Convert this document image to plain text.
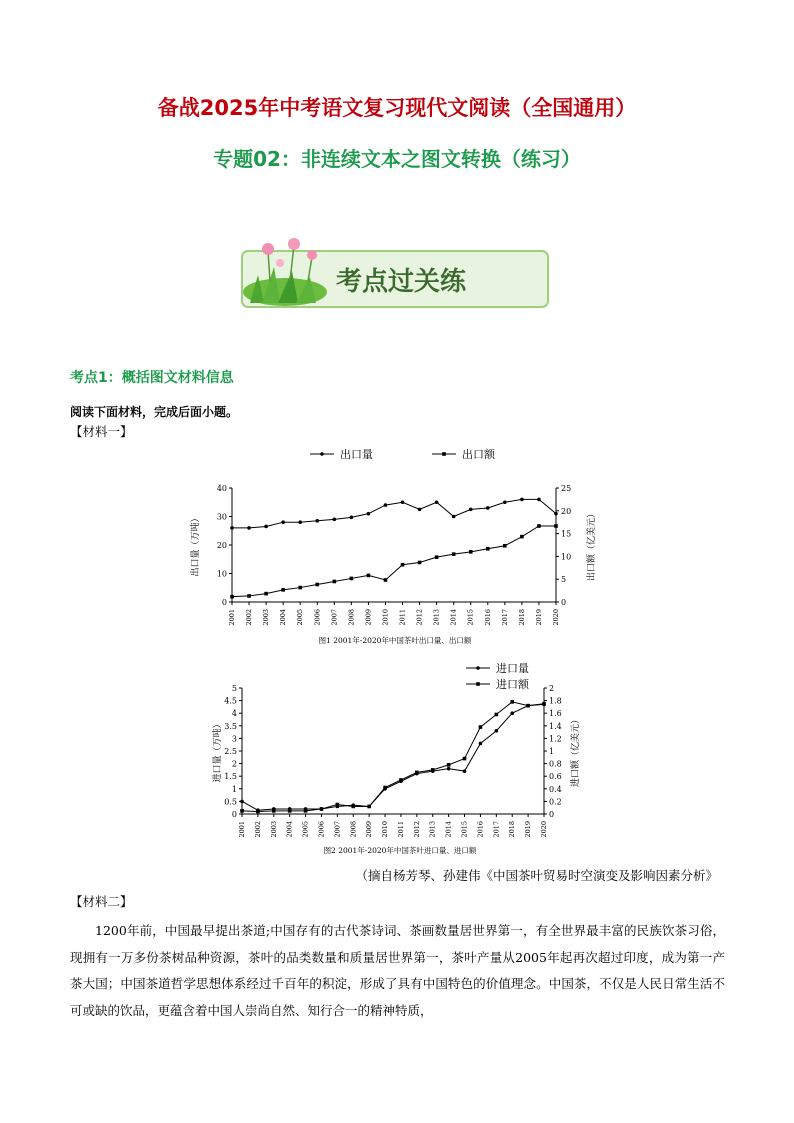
备战2025年中考语文复习现代文阅读（全国通用）
专题02：非连续文本之图文转换（练习）
考点过关练
考点1：概括图文材料信息
阅读下面材料，完成后面小题。
【材料一】
0
10
20
30
40
0
5
10
15
20
25
2001 2002 2003 2004 2005 2006 2007 2008 2009 2010 2011 2012 2013 2014 2015 2016 2017 2018 2019 2020
出口量（万吨）	出口额（亿美元）
出口量	出口额
图1 2001年-2020年中国茶叶出口量、出口额
0
0.5
1
1.5
2
2.5
3
3.5
4
4.5
5
0
0.2
0.4
0.6
0.8
1
1.2
1.4
1.6
1.8
2
2001 2002 2003 2004 2005 2006 2007 2008 2009 2010 2011 2012 2013 2014 2015 2016 2017 2018 2019 2020
进口量（万吨）	进口额（亿美元）
进口量
进口额
图2 2001年-2020年中国茶叶进口量、进口额
（摘自杨芳琴、孙建伟《中国茶叶贸易时空演变及影响因素分析》
【材料二】
1200年前，中国最早提出茶道;中国存有的古代茶诗词、茶画数量居世界第一，有全世界最丰富的民族饮茶习俗，现拥有一万多份茶树品种资源，茶叶的品类数量和质量居世界第一，茶叶产量从2005年起再次超过印度，成为第一产茶大国；中国茶道哲学思想体系经过千百年的积淀，形成了具有中国特色的价值理念。中国茶，不仅是人民日常生活不可或缺的饮品，更蕴含着中国人崇尚自然、知行合一的精神特质，
